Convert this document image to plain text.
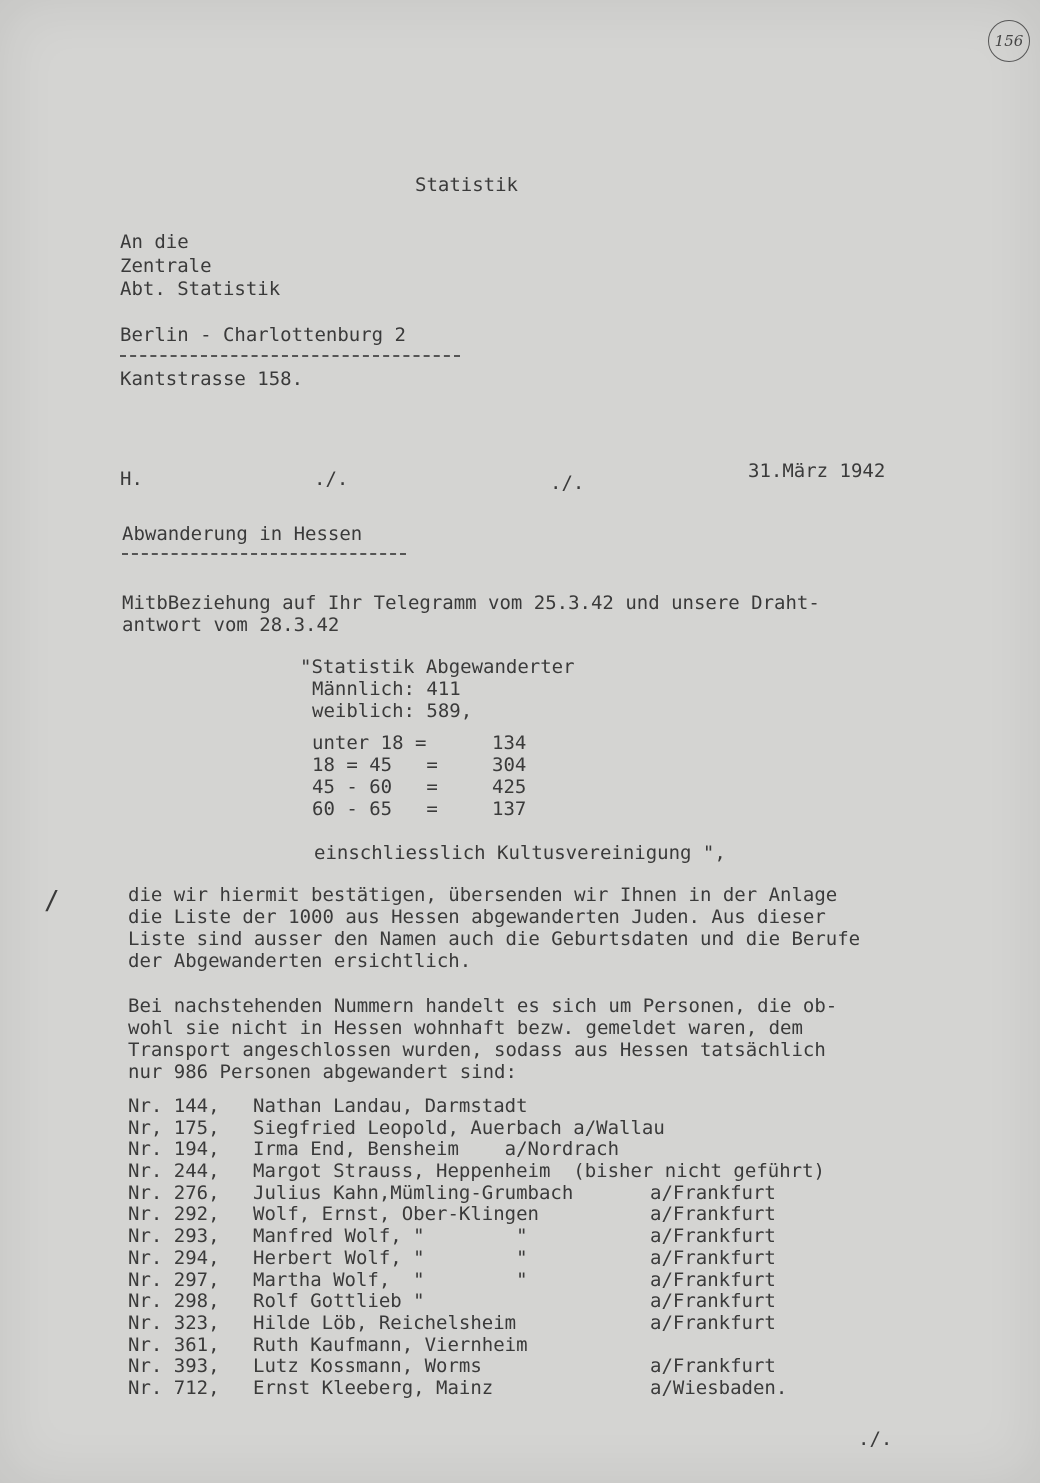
156
Statistik
An die
Zentrale
Abt. Statistik
Berlin - Charlottenburg 2
Kantstrasse 158.
H.	./.	./.
31.März 1942
Abwanderung in Hessen
MitbBeziehung auf Ihr Telegramm vom 25.3.42 und unsere Draht-
antwort vom 28.3.42
"Statistik Abgewanderter
Männlich: 411
weiblich: 589,
unter 18 =	134
18 = 45   =	304
45 - 60   =	425
60 - 65   =	137
einschliesslich Kultusvereinigung ",
/	die wir hiermit bestätigen, übersenden wir Ihnen in der Anlage
die Liste der 1000 aus Hessen abgewanderten Juden. Aus dieser
Liste sind ausser den Namen auch die Geburtsdaten und die Berufe
der Abgewanderten ersichtlich.
Bei nachstehenden Nummern handelt es sich um Personen, die ob-
wohl sie nicht in Hessen wohnhaft bezw. gemeldet waren, dem
Transport angeschlossen wurden, sodass aus Hessen tatsächlich
nur 986 Personen abgewandert sind:
Nr. 144,	Nathan Landau, Darmstadt
Nr, 175,	Siegfried Leopold, Auerbach a/Wallau
Nr. 194,	Irma End, Bensheim    a/Nordrach
Nr. 244,	Margot Strauss, Heppenheim  (bisher nicht geführt)
Nr. 276,	Julius Kahn,Mümling-Grumbach	a/Frankfurt
Nr. 292,	Wolf, Ernst, Ober-Klingen	a/Frankfurt
Nr. 293,	Manfred Wolf, "        "	a/Frankfurt
Nr. 294,	Herbert Wolf, "        "	a/Frankfurt
Nr. 297,	Martha Wolf,  "        "	a/Frankfurt
Nr. 298,	Rolf Gottlieb "	a/Frankfurt
Nr. 323,	Hilde Löb, Reichelsheim	a/Frankfurt
Nr. 361,	Ruth Kaufmann, Viernheim
Nr. 393,	Lutz Kossmann, Worms	a/Frankfurt
Nr. 712,	Ernst Kleeberg, Mainz	a/Wiesbaden.
./.
